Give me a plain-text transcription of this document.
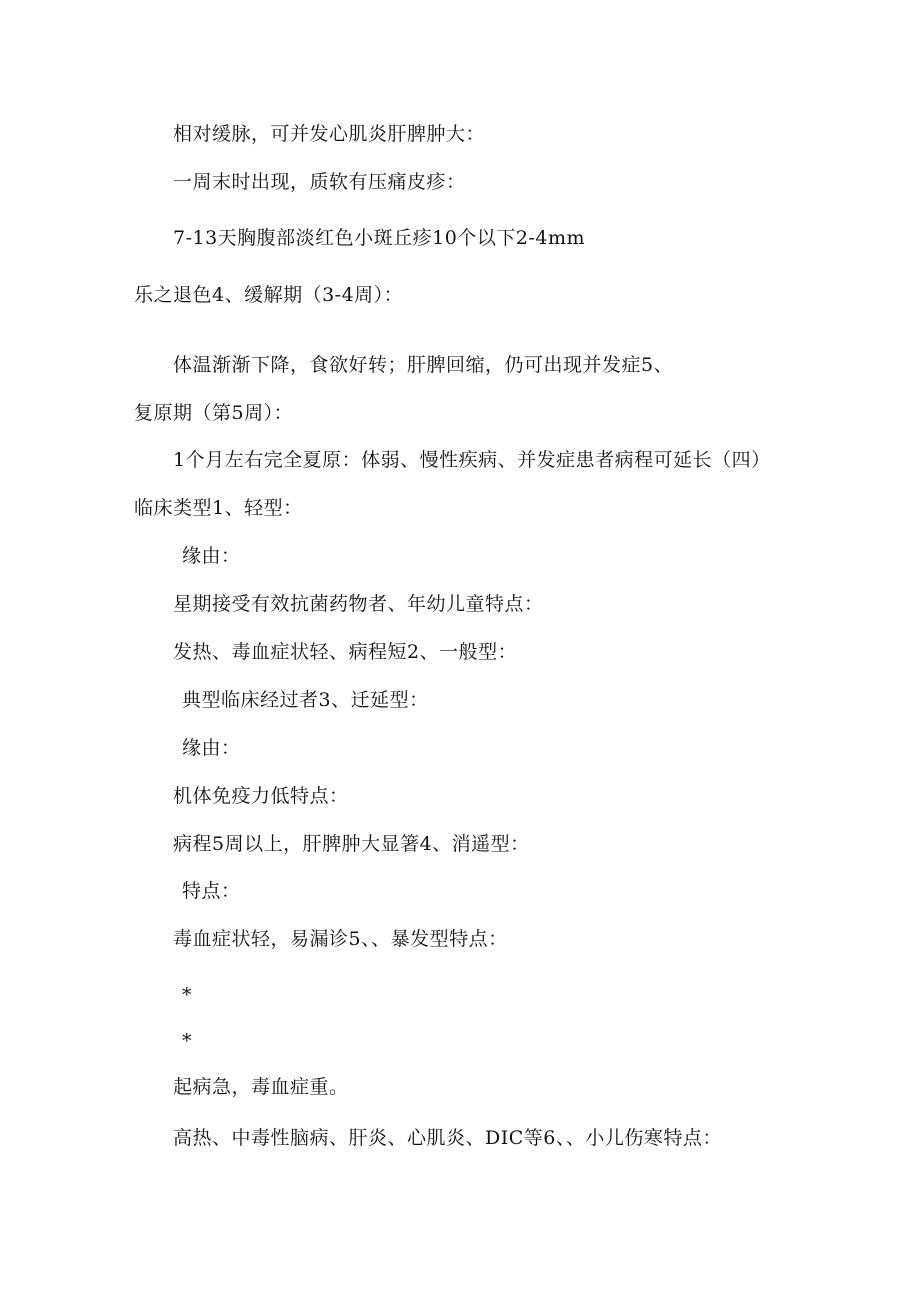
相对缓脉，可并发心肌炎肝脾肿大：
一周末时出现，质软有压痛皮疹：
7-13天胸腹部淡红色小斑丘疹10个以下2-4mm
乐之退色4、缓解期（3-4周）：
体温渐渐下降，食欲好转；肝脾回缩，仍可出现并发症5、
复原期（第5周）：
1个月左右完全夏原：体弱、慢性疾病、并发症患者病程可延长（四）
临床类型1、轻型：
缘由：
星期接受有效抗菌药物者、年幼儿童特点：
发热、毒血症状轻、病程短2、一般型：
典型临床经过者3、迁延型：
缘由：
机体免疫力低特点：
病程5周以上，肝脾肿大显箸4、消遥型：
特点：
毒血症状轻，易漏诊5、、暴发型特点：
*
*
起病急，毒血症重。
高热、中毒性脑病、肝炎、心肌炎、DIC等6、、小儿伤寒特点：
